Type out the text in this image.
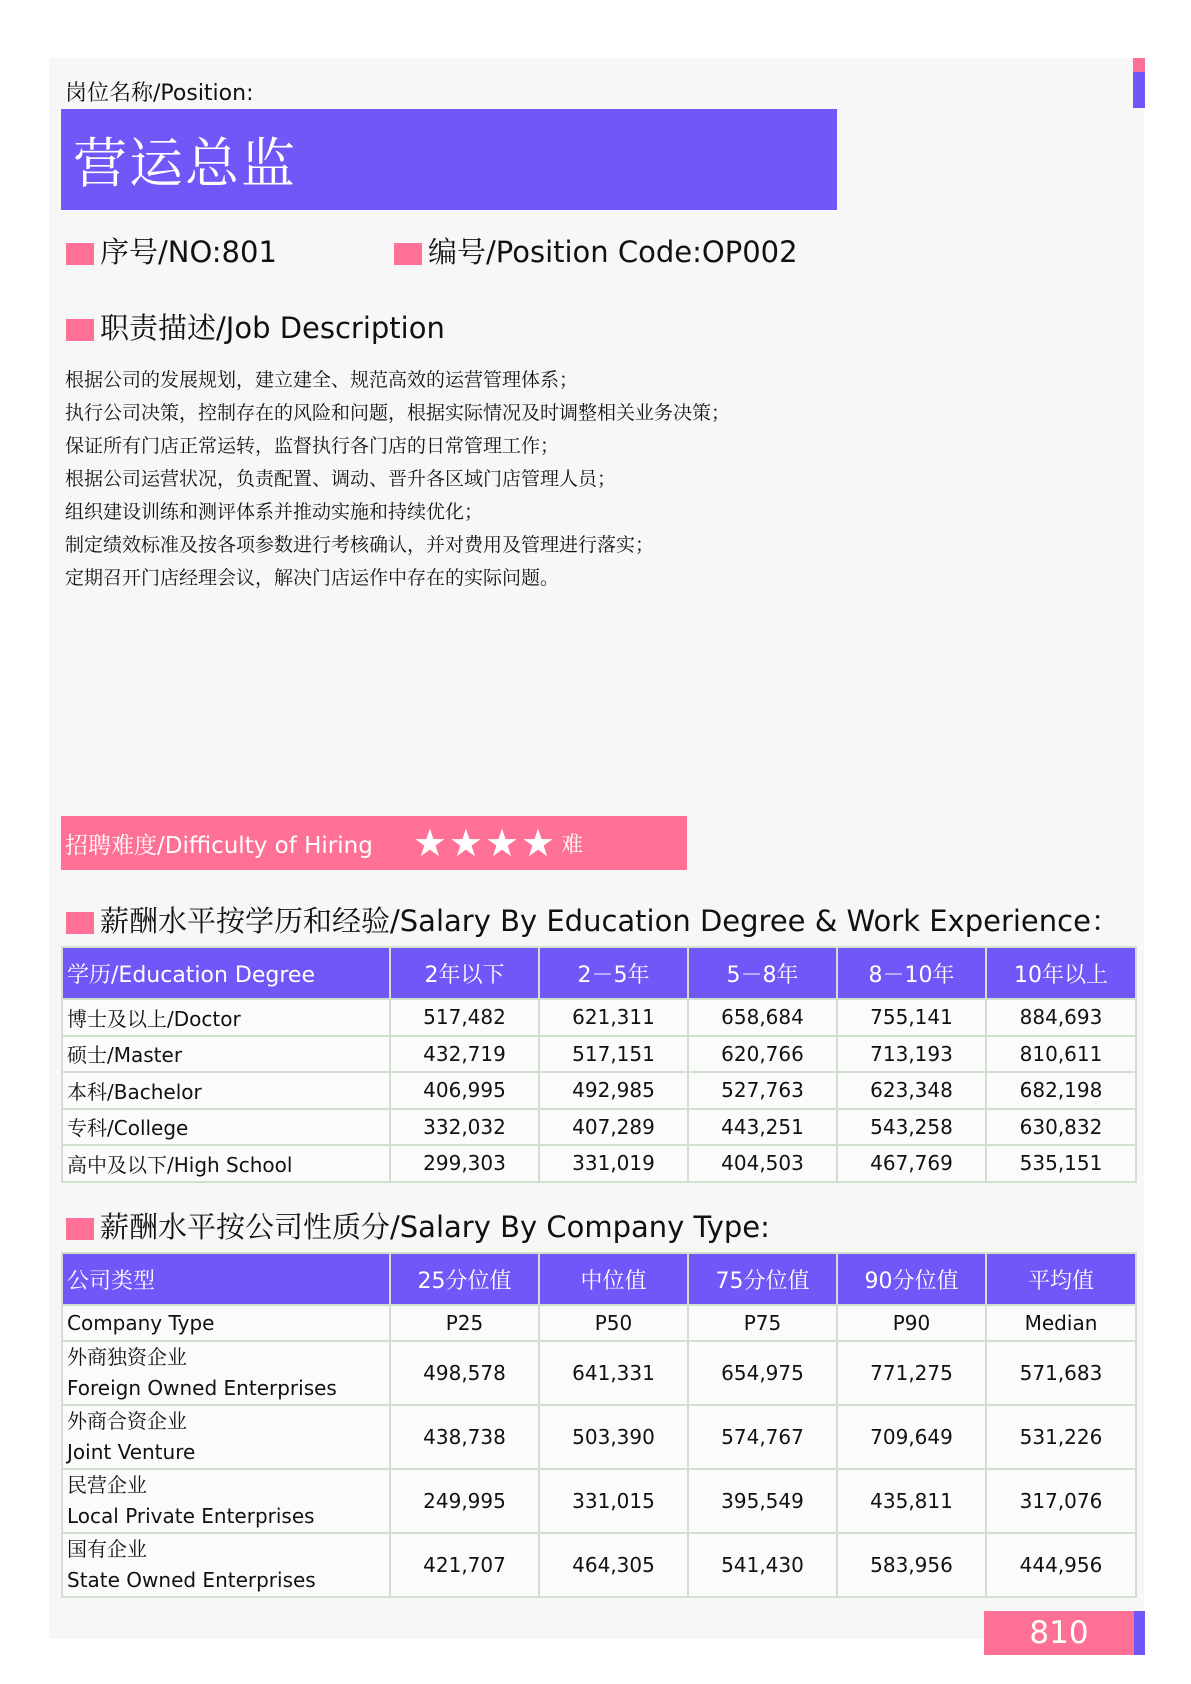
岗位名称/Position:
营运总监
序号/NO:801	编号/Position Code:OP002
职责描述/Job Description
根据公司的发展规划，建立建全、规范高效的运营管理体系；
执行公司决策，控制存在的风险和问题，根据实际情况及时调整相关业务决策；
保证所有门店正常运转，监督执行各门店的日常管理工作；
根据公司运营状况，负责配置、调动、晋升各区域门店管理人员；
组织建设训练和测评体系并推动实施和持续优化；
制定绩效标准及按各项参数进行考核确认，并对费用及管理进行落实；
定期召开门店经理会议，解决门店运作中存在的实际问题。
招聘难度/Difficulty of Hiring ★★★★ 难
薪酬水平按学历和经验/Salary By Education Degree & Work Experience：
学历/Education Degree	2年以下	2－5年	5－8年	8－10年	10年以上
博士及以上/Doctor	517,482	621,311	658,684	755,141	884,693
硕士/Master	432,719	517,151	620,766	713,193	810,611
本科/Bachelor	406,995	492,985	527,763	623,348	682,198
专科/College	332,032	407,289	443,251	543,258	630,832
高中及以下/High School	299,303	331,019	404,503	467,769	535,151
薪酬水平按公司性质分/Salary By Company Type:
公司类型	25分位值	中位值	75分位值	90分位值	平均值
Company Type	P25	P50	P75	P90	Median

外商独资企业
Foreign Owned Enterprises	498,578	641,331	654,975	771,275	571,683

外商合资企业
Joint Venture	438,738	503,390	574,767	709,649	531,226

民营企业
Local Private Enterprises	249,995	331,015	395,549	435,811	317,076

国有企业
State Owned Enterprises	421,707	464,305	541,430	583,956	444,956
810
